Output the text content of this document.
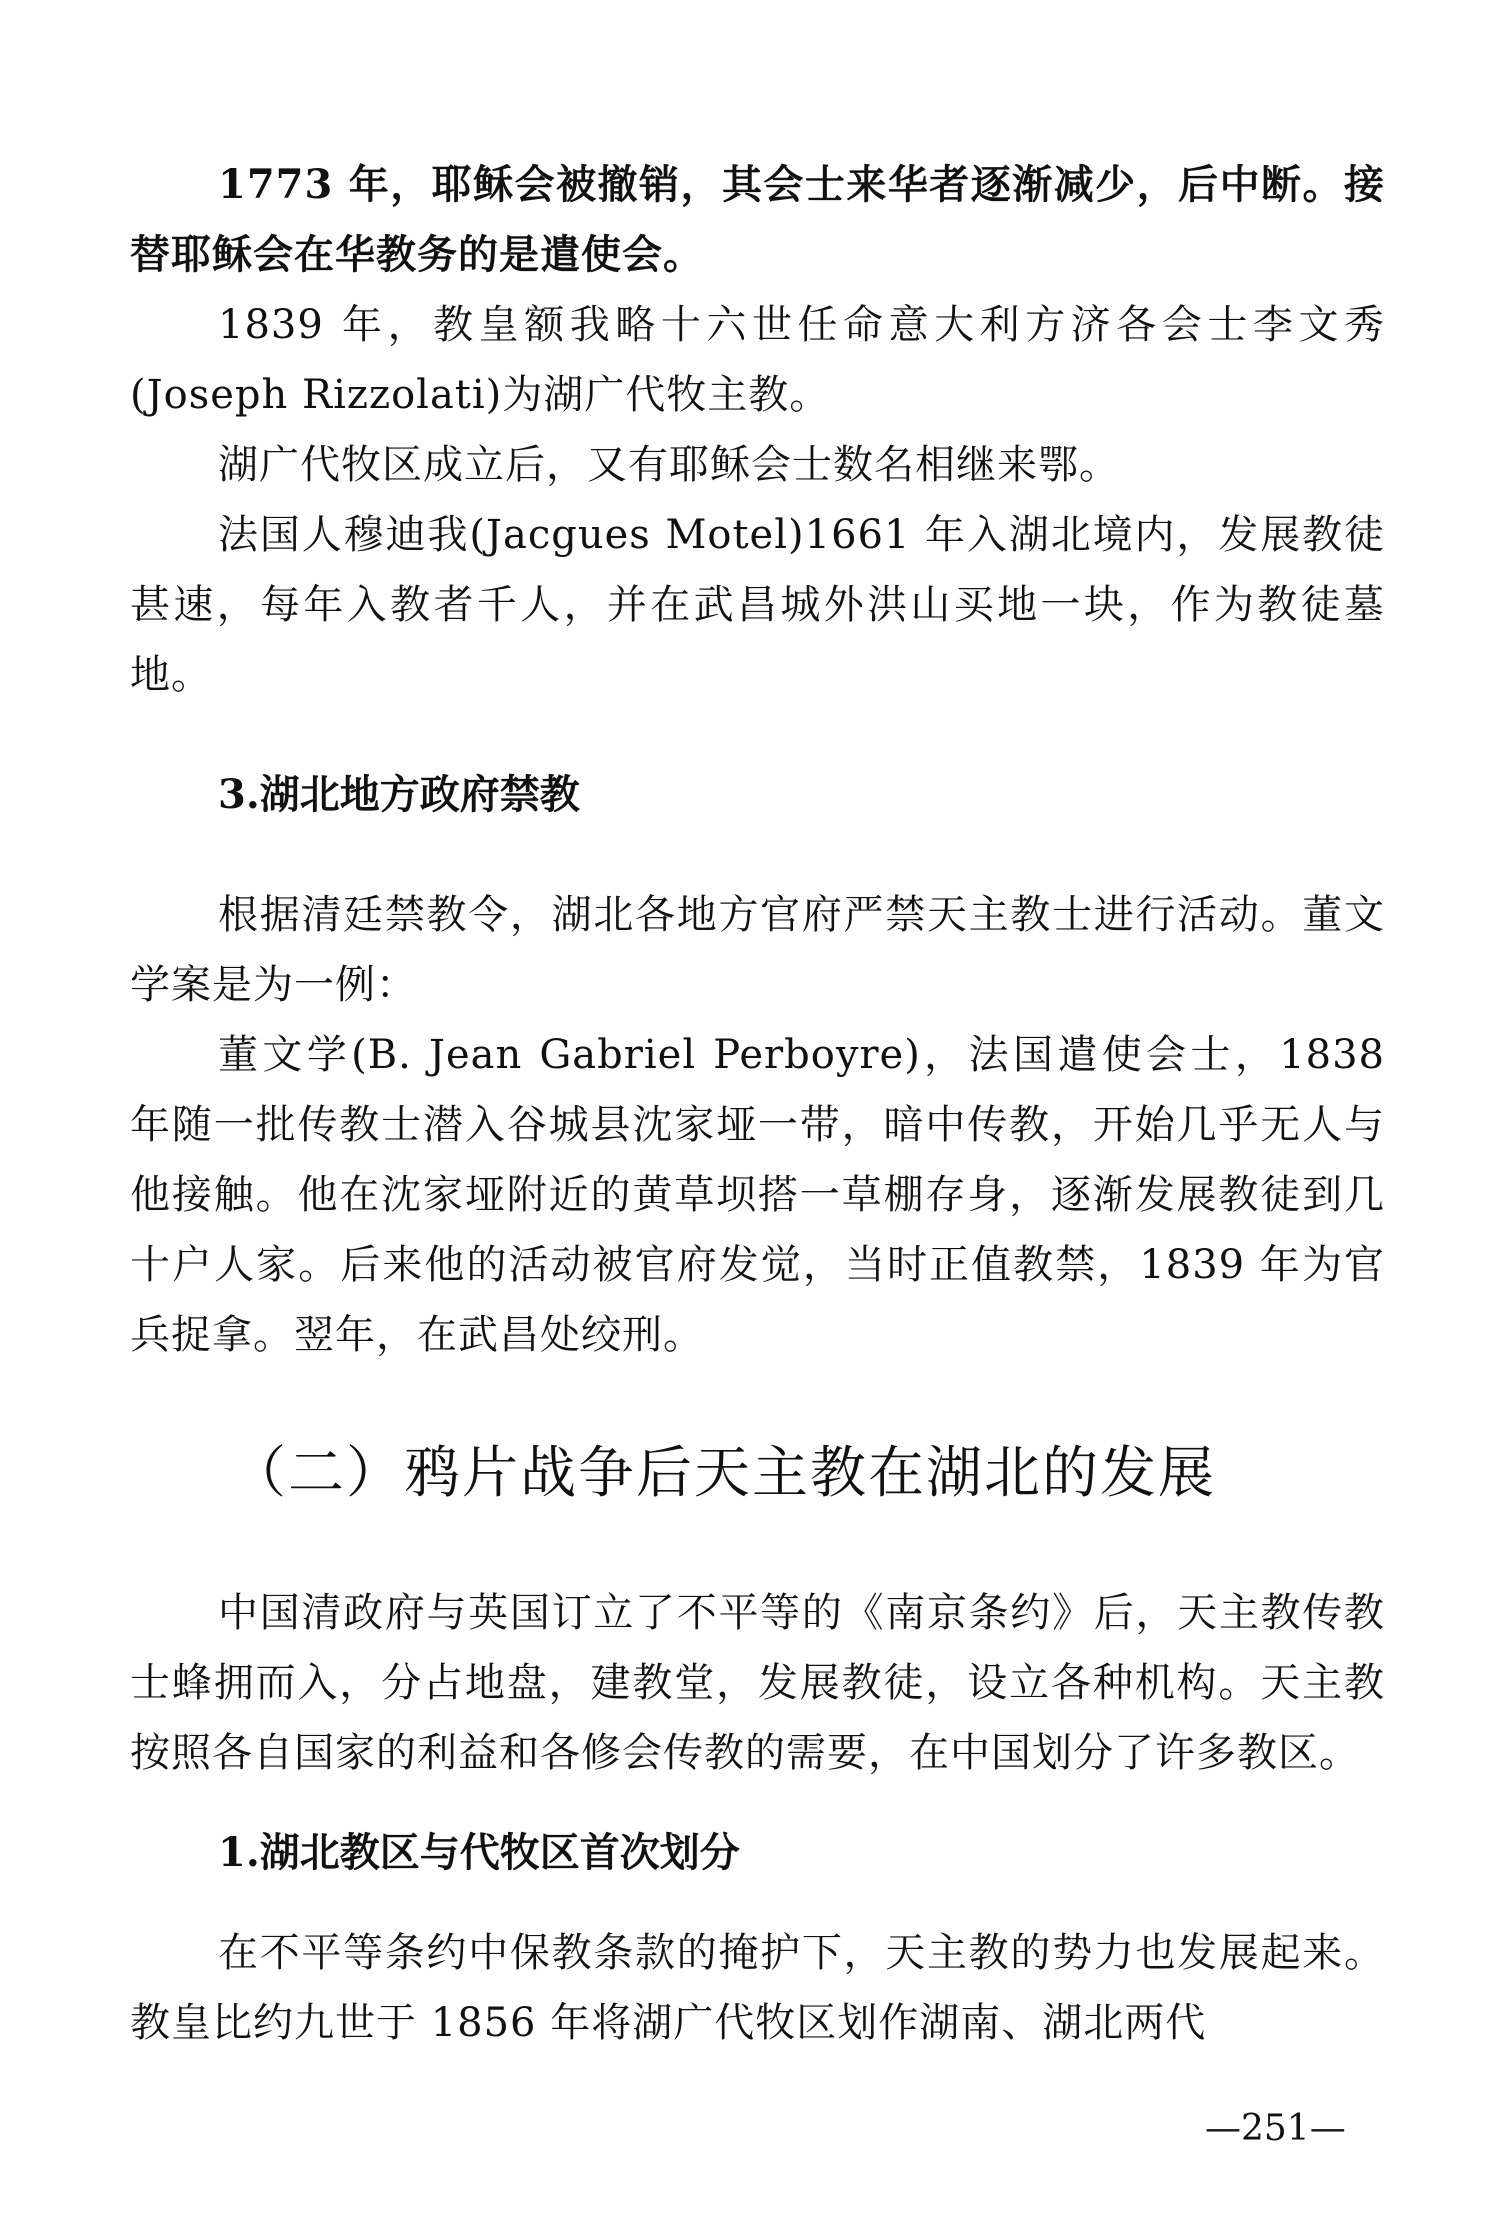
1773 年，耶稣会被撤销，其会士来华者逐渐减少，后中断。接替耶稣会在华教务的是遣使会。

1839 年，教皇额我略十六世任命意大利方济各会士李文秀(Joseph Rizzolati)为湖广代牧主教。

湖广代牧区成立后，又有耶稣会士数名相继来鄂。

法国人穆迪我(Jacgues Motel)1661 年入湖北境内，发展教徒甚速，每年入教者千人，并在武昌城外洪山买地一块，作为教徒墓地。

3.湖北地方政府禁教

根据清廷禁教令，湖北各地方官府严禁天主教士进行活动。董文学案是为一例：

董文学(B. Jean Gabriel Perboyre)，法国遣使会士，1838 年随一批传教士潜入谷城县沈家垭一带，暗中传教，开始几乎无人与他接触。他在沈家垭附近的黄草坝搭一草棚存身，逐渐发展教徒到几十户人家。后来他的活动被官府发觉，当时正值教禁，1839 年为官兵捉拿。翌年，在武昌处绞刑。

（二）鸦片战争后天主教在湖北的发展

中国清政府与英国订立了不平等的《南京条约》后，天主教传教士蜂拥而入，分占地盘，建教堂，发展教徒，设立各种机构。天主教按照各自国家的利益和各修会传教的需要，在中国划分了许多教区。

1.湖北教区与代牧区首次划分

在不平等条约中保教条款的掩护下，天主教的势力也发展起来。教皇比约九世于 1856 年将湖广代牧区划作湖南、湖北两代

—251—
